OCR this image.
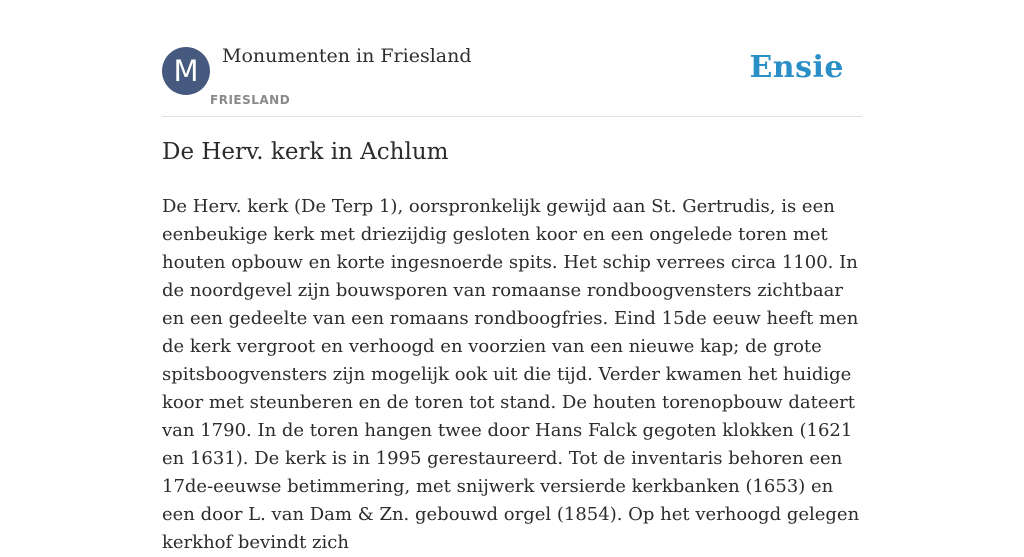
M	Monumenten in Friesland
FRIESLAND
Ensie
De Herv. kerk in Achlum

De Herv. kerk (De Terp 1), oorspronkelijk gewijd aan St. Gertrudis, is een eenbeukige kerk met driezijdig gesloten koor en een ongelede toren met houten opbouw en korte ingesnoerde spits. Het schip verrees circa 1100. In de noordgevel zijn bouwsporen van romaanse rondboogvensters zichtbaar en een gedeelte van een romaans rondboogfries. Eind 15de eeuw heeft men de kerk vergroot en verhoogd en voorzien van een nieuwe kap; de grote spitsboogvensters zijn mogelijk ook uit die tijd. Verder kwamen het huidige koor met steunberen en de toren tot stand. De houten torenopbouw dateert van 1790. In de toren hangen twee door Hans Falck gegoten klokken (1621 en 1631). De kerk is in 1995 gerestaureerd. Tot de inventaris behoren een 17de-eeuwse betimmering, met snijwerk versierde kerkbanken (1653) en een door L. van Dam & Zn. gebouwd orgel (1854). Op het verhoogd gelegen kerkhof bevindt zich
